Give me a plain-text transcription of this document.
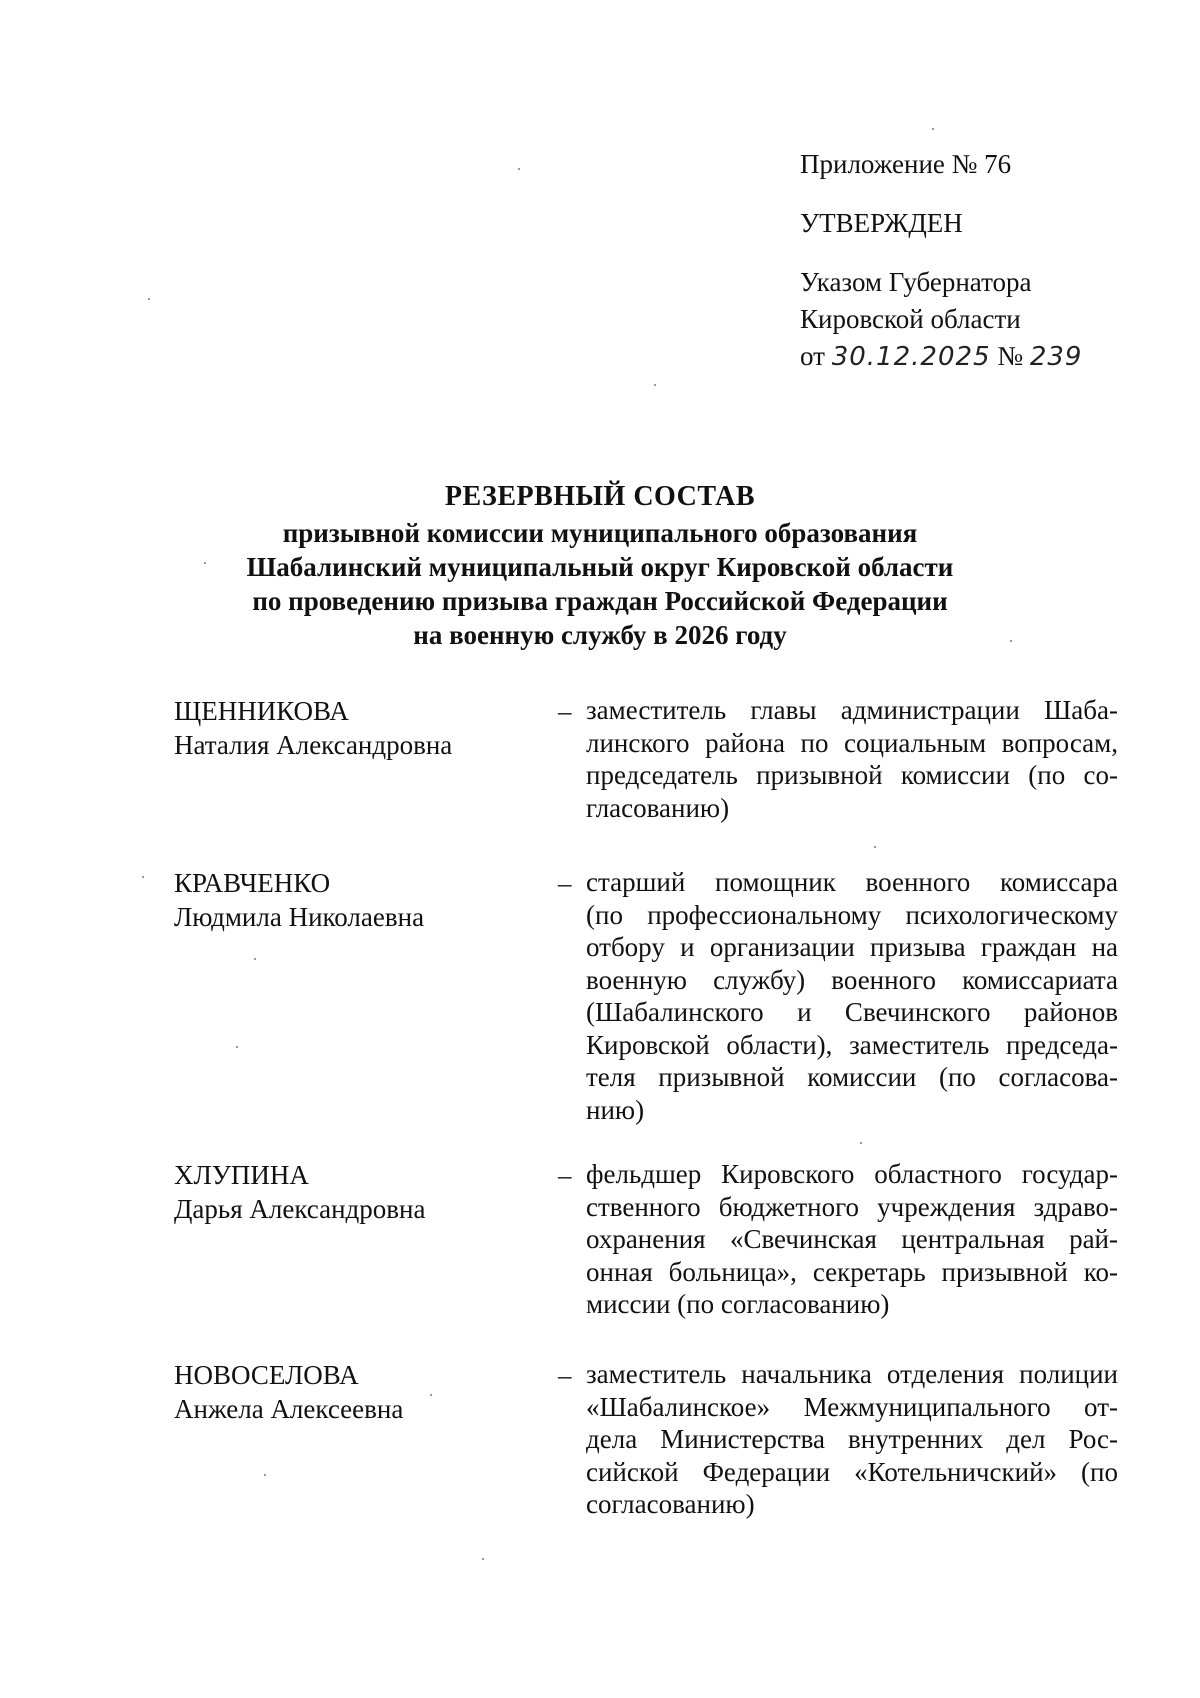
Приложение № 76
УТВЕРЖДЕН
Указом Губернатора
Кировской области
от 30.12.2025 № 239
РЕЗЕРВНЫЙ СОСТАВ
призывной комиссии муниципального образования
Шабалинский муниципальный округ Кировской области
по проведению призыва граждан Российской Федерации
на военную службу в 2026 году
ЩЕННИКОВА
Наталия Александровна
– заместитель главы администрации Шаба-
линского района по социальным вопросам,
председатель призывной комиссии (по со-
гласованию)
КРАВЧЕНКО
Людмила Николаевна
– старший помощник военного комиссара
(по профессиональному психологическому
отбору и организации призыва граждан на
военную службу) военного комиссариата
(Шабалинского и Свечинского районов
Кировской области), заместитель председа-
теля призывной комиссии (по согласова-
нию)
ХЛУПИНА
Дарья Александровна
– фельдшер Кировского областного государ-
ственного бюджетного учреждения здраво-
охранения «Свечинская центральная рай-
онная больница», секретарь призывной ко-
миссии (по согласованию)
НОВОСЕЛОВА
Анжела Алексеевна
– заместитель начальника отделения полиции
«Шабалинское» Межмуниципального от-
дела Министерства внутренних дел Рос-
сийской Федерации «Котельничский» (по
согласованию)
